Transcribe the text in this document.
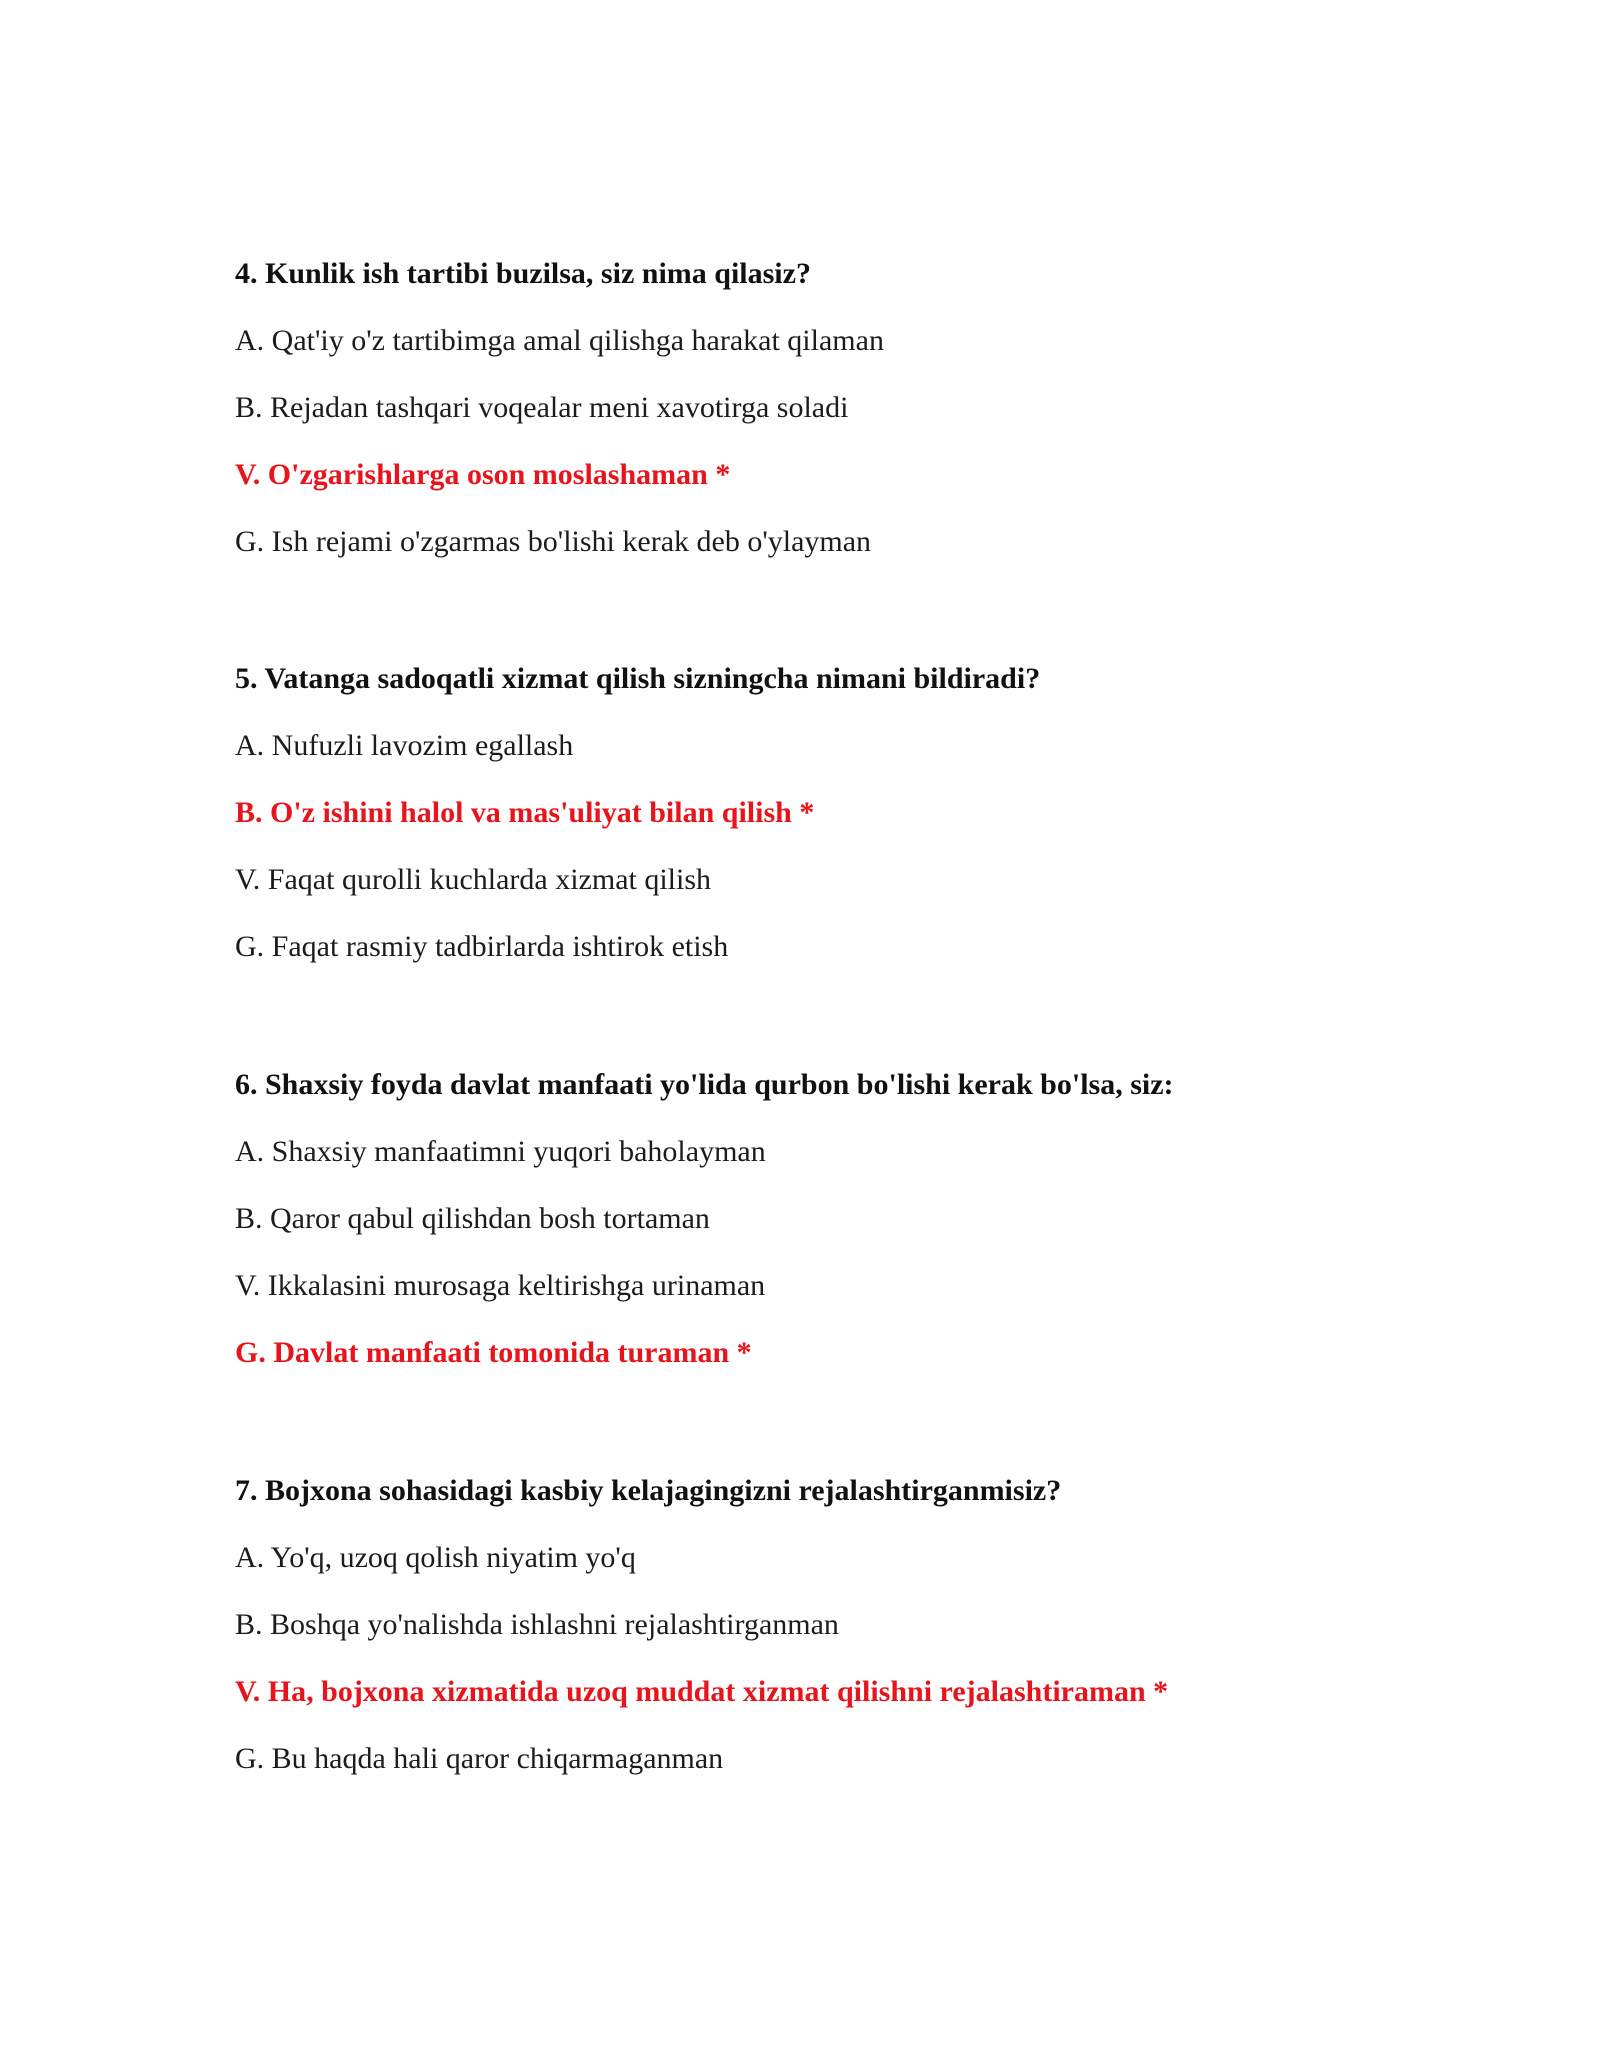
4. Kunlik ish tartibi buzilsa, siz nima qilasiz?
A. Qat'iy o'z tartibimga amal qilishga harakat qilaman
B. Rejadan tashqari voqealar meni xavotirga soladi
V. O'zgarishlarga oson moslashaman *
G. Ish rejami o'zgarmas bo'lishi kerak deb o'ylayman
5. Vatanga sadoqatli xizmat qilish sizningcha nimani bildiradi?
A. Nufuzli lavozim egallash
B. O'z ishini halol va mas'uliyat bilan qilish *
V. Faqat qurolli kuchlarda xizmat qilish
G. Faqat rasmiy tadbirlarda ishtirok etish
6. Shaxsiy foyda davlat manfaati yo'lida qurbon bo'lishi kerak bo'lsa, siz:
A. Shaxsiy manfaatimni yuqori baholayman
B. Qaror qabul qilishdan bosh tortaman
V. Ikkalasini murosaga keltirishga urinaman
G. Davlat manfaati tomonida turaman *
7. Bojxona sohasidagi kasbiy kelajagingizni rejalashtirganmisiz?
A. Yo'q, uzoq qolish niyatim yo'q
B. Boshqa yo'nalishda ishlashni rejalashtirganman
V. Ha, bojxona xizmatida uzoq muddat xizmat qilishni rejalashtiraman *
G. Bu haqda hali qaror chiqarmaganman
